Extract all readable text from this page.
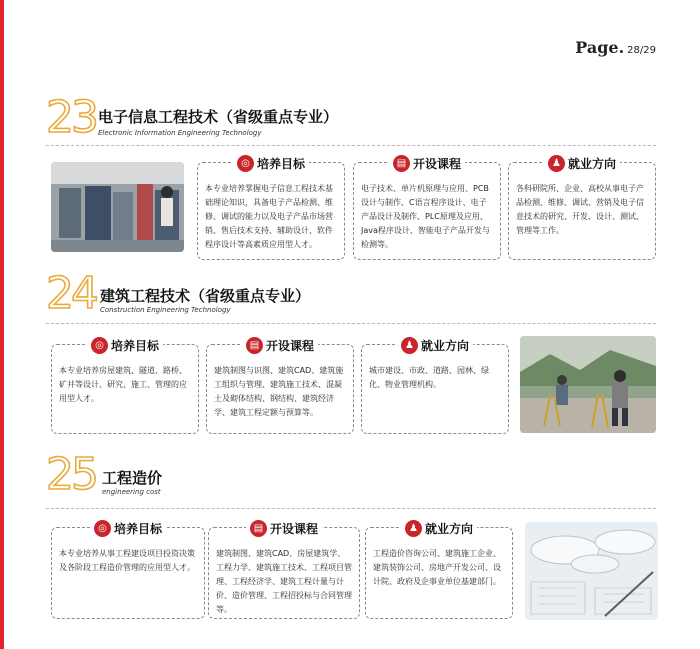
Page. 28/29
23 电子信息工程技术（省级重点专业）
Electronic Information Engineering Technology
◎ 培养目标
本专业培养掌握电子信息工程技术基础理论知识，具备电子产品检测、维修、调试的能力以及电子产品市场营销、售后技术支持、辅助设计、软件程序设计等高素质应用型人才。
▤ 开设课程
电子技术、单片机原理与应用、PCB设计与制作、C语言程序设计、电子产品设计及制作、PLC原理及应用、Java程序设计、智能电子产品开发与检测等。
♟ 就业方向
各科研院所、企业、高校从事电子产品检测、维修、调试、营销及电子信息技术的研究、开发、设计、测试、管理等工作。
24 建筑工程技术（省级重点专业）
Construction Engineering Technology
◎ 培养目标
本专业培养房屋建筑、隧道、路桥、矿井等设计、研究、施工、管理的应用型人才。
▤ 开设课程
建筑制图与识图、建筑CAD、建筑施工组织与管理、建筑施工技术、混凝土及砌体结构、钢结构、建筑经济学、建筑工程定额与预算等。
♟ 就业方向
城市建设、市政、道路、园林、绿化、物业管理机构。
25 工程造价
engineering cost
◎ 培养目标
本专业培养从事工程建设项目投资决策及各阶段工程造价管理的应用型人才。
▤ 开设课程
建筑制图、建筑CAD、房屋建筑学、工程力学、建筑施工技术、工程项目管理、工程经济学、建筑工程计量与计价、造价管理、工程招投标与合同管理等。
♟ 就业方向
工程造价咨询公司、建筑施工企业、建筑装饰公司、房地产开发公司、设计院、政府及企事业单位基建部门。
